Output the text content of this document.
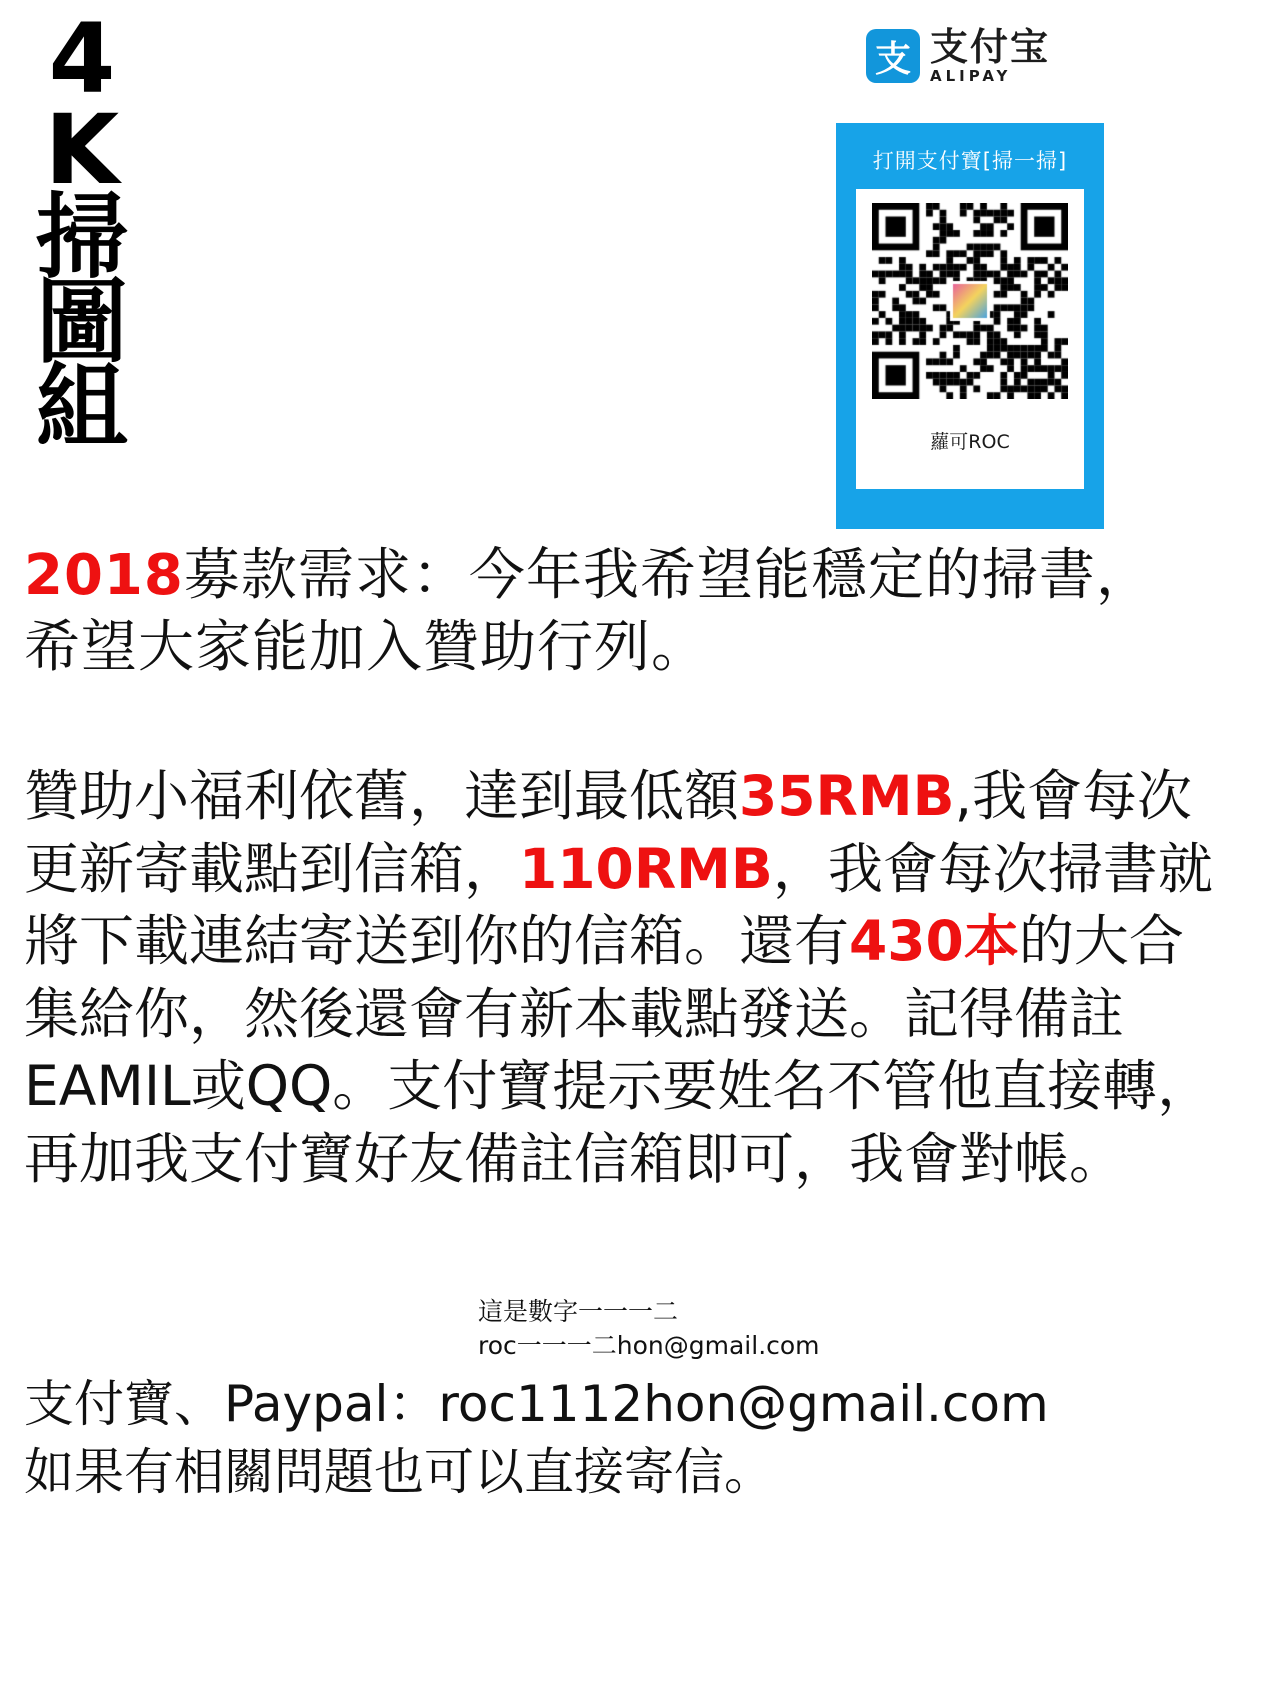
4
K
掃
圖
組
支 支付宝
ALIPAY
打開支付寶[掃一掃]
蘿可ROC
2018募款需求：今年我希望能穩定的掃書，希望大家能加入贊助行列。
贊助小福利依舊，達到最低額35RMB,我會每次更新寄載點到信箱，110RMB，我會每次掃書就將下載連結寄送到你的信箱。還有430本的大合集給你，然後還會有新本載點發送。記得備註EAMIL或QQ。支付寶提示要姓名不管他直接轉，再加我支付寶好友備註信箱即可，我會對帳。
這是數字一一一二
roc一一一二hon@gmail.com
支付寶、Paypal：roc1112hon@gmail.com
如果有相關問題也可以直接寄信。
